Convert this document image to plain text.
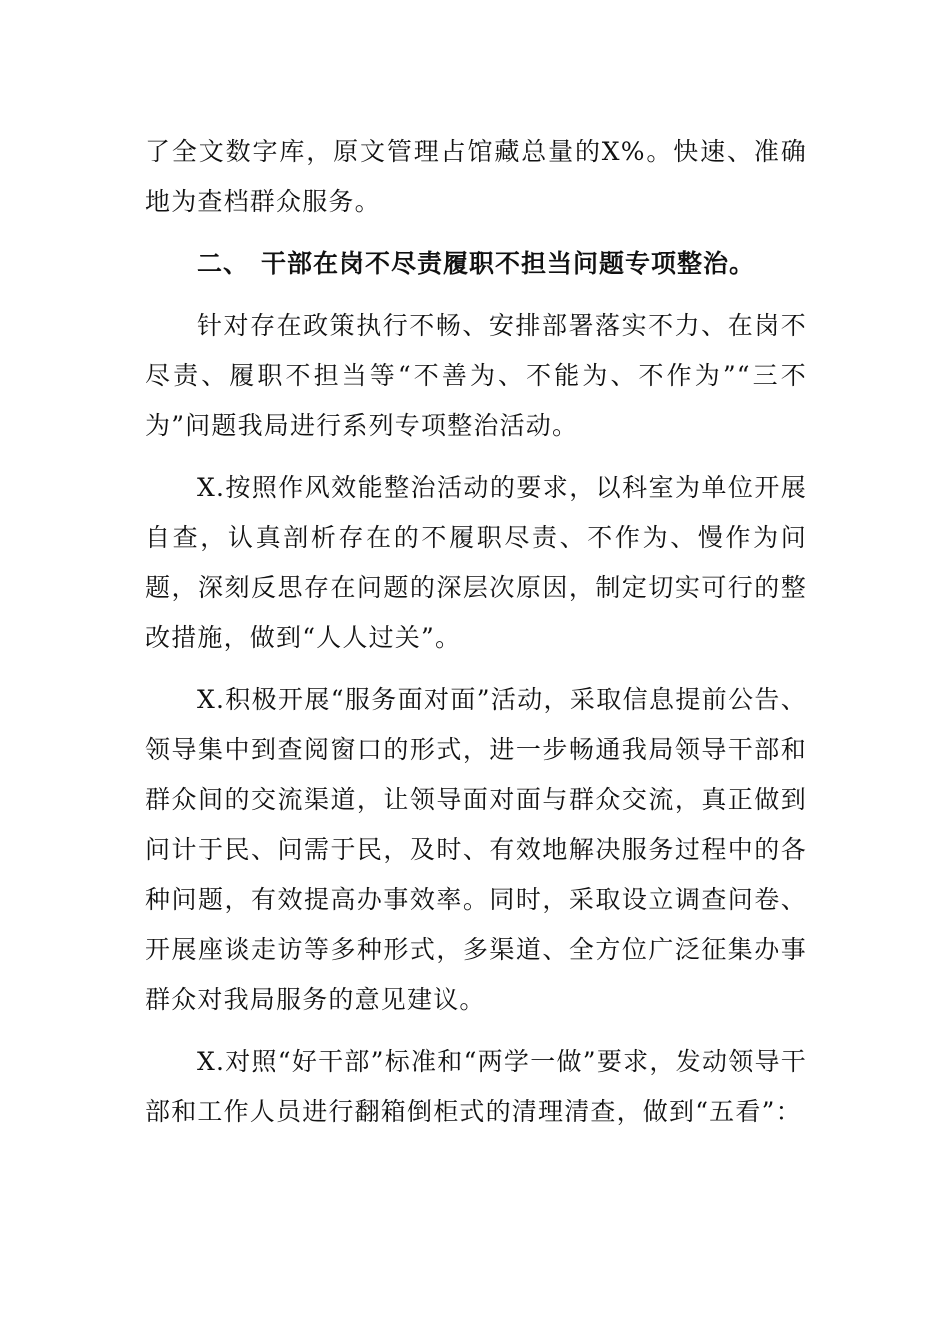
了全文数字库，原文管理占馆藏总量的X%。快速、准确地为查档群众服务。

二、 干部在岗不尽责履职不担当问题专项整治。

针对存在政策执行不畅、安排部署落实不力、在岗不尽责、履职不担当等“不善为、不能为、不作为”“三不为”问题我局进行系列专项整治活动。

X.按照作风效能整治活动的要求，以科室为单位开展自查，认真剖析存在的不履职尽责、不作为、慢作为问题，深刻反思存在问题的深层次原因，制定切实可行的整改措施，做到“人人过关”。

X.积极开展“服务面对面”活动，采取信息提前公告、领导集中到查阅窗口的形式，进一步畅通我局领导干部和群众间的交流渠道，让领导面对面与群众交流，真正做到问计于民、问需于民，及时、有效地解决服务过程中的各种问题，有效提高办事效率。同时，采取设立调查问卷、开展座谈走访等多种形式，多渠道、全方位广泛征集办事群众对我局服务的意见建议。

X.对照“好干部”标准和“两学一做”要求，发动领导干部和工作人员进行翻箱倒柜式的清理清查，做到“五看”：
